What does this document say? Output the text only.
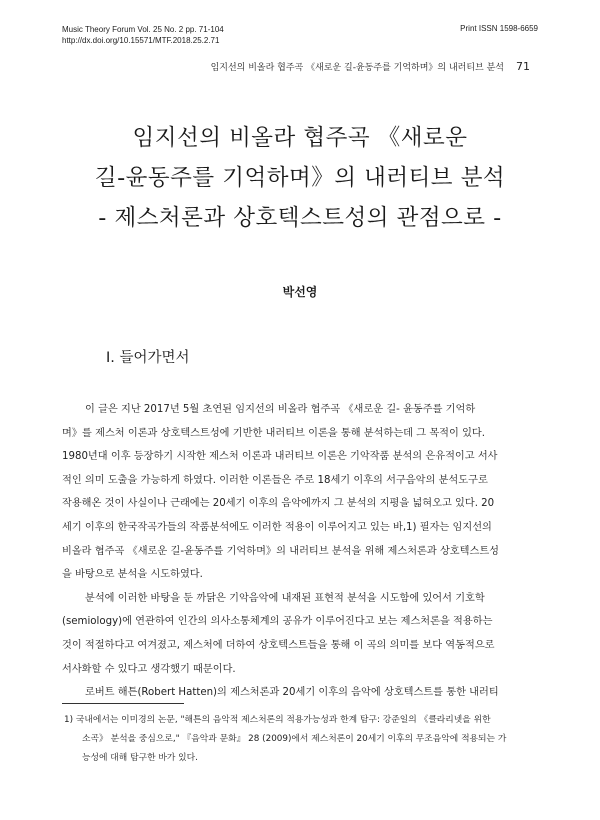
Music Theory Forum Vol. 25 No. 2 pp. 71-104
http://dx.doi.org/10.15571/MTF.2018.25.2.71
Print ISSN 1598-6659
임지선의 비올라 협주곡 《새로운 길-윤동주를 기억하며》의 내러티브 분석 71
임지선의 비올라 협주곡 《새로운
길-윤동주를 기억하며》의 내러티브 분석
- 제스처론과 상호텍스트성의 관점으로 -
박선영
I. 들어가면서
이 글은 지난 2017년 5월 초연된 임지선의 비올라 협주곡 《새로운 길- 윤동주를 기억하
며》를 제스처 이론과 상호텍스트성에 기반한 내러티브 이론을 통해 분석하는데 그 목적이 있다.
1980년대 이후 등장하기 시작한 제스처 이론과 내러티브 이론은 기악작품 분석의 은유적이고 서사
적인 의미 도출을 가능하게 하였다. 이러한 이론들은 주로 18세기 이후의 서구음악의 분석도구로
작용해온 것이 사실이나 근래에는 20세기 이후의 음악에까지 그 분석의 지평을 넓혀오고 있다. 20
세기 이후의 한국작곡가들의 작품분석에도 이러한 적용이 이루어지고 있는 바,1) 필자는 임지선의
비올라 협주곡 《새로운 길-윤동주를 기억하며》의 내러티브 분석을 위해 제스처론과 상호텍스트성
을 바탕으로 분석을 시도하였다.
분석에 이러한 바탕을 둔 까닭은 기악음악에 내재된 표현적 분석을 시도함에 있어서 기호학
(semiology)에 연관하여 인간의 의사소통체계의 공유가 이루어진다고 보는 제스처론을 적용하는
것이 적절하다고 여겨졌고, 제스처에 더하여 상호텍스트들을 통해 이 곡의 의미를 보다 역동적으로
서사화할 수 있다고 생각했기 때문이다.
로버트 해튼(Robert Hatten)의 제스처론과 20세기 이후의 음악에 상호텍스트를 통한 내러티
1) 국내에서는 이미경의 논문, "해튼의 음악적 제스처론의 적용가능성과 한계 탐구: 강준일의 《클라리넷을 위한
소곡》 분석을 중심으로," 『음악과 문화』 28 (2009)에서 제스처론이 20세기 이후의 무조음악에 적용되는 가
능성에 대해 탐구한 바가 있다.
